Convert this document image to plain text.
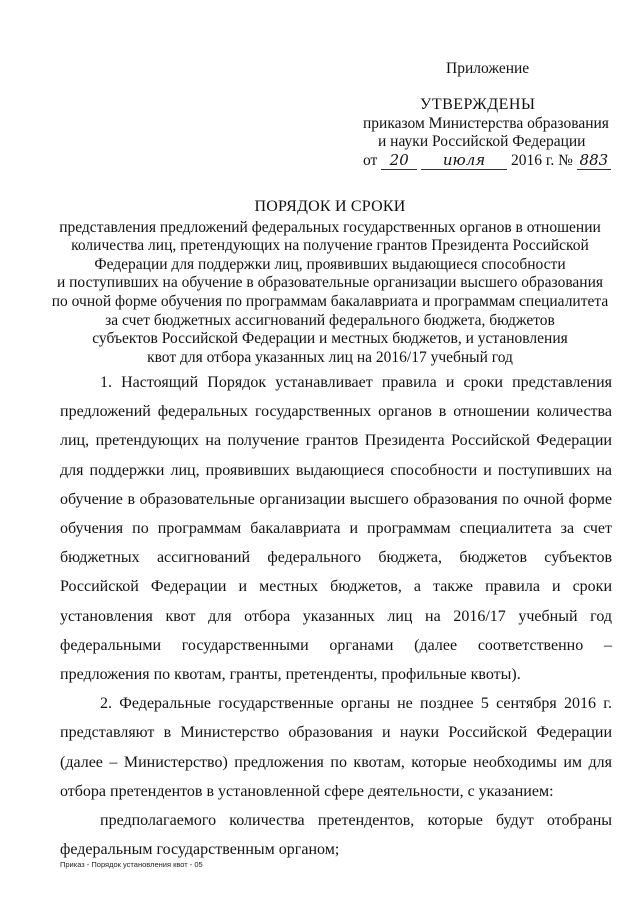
Приложение
УТВЕРЖДЕНЫ
приказом Министерства образования
и науки Российской Федерации
от 20 июля 2016 г. № 883
ПОРЯДОК И СРОКИ
представления предложений федеральных государственных органов в отношении
количества лиц, претендующих на получение грантов Президента Российской
Федерации для поддержки лиц, проявивших выдающиеся способности
и поступивших на обучение в образовательные организации высшего образования
по очной форме обучения по программам бакалавриата и программам специалитета
за счет бюджетных ассигнований федерального бюджета, бюджетов
субъектов Российской Федерации и местных бюджетов, и установления
квот для отбора указанных лиц на 2016/17 учебный год

1. Настоящий Порядок устанавливает правила и сроки представления предложений федеральных государственных органов в отношении количества лиц, претендующих на получение грантов Президента Российской Федерации для поддержки лиц, проявивших выдающиеся способности и поступивших на обучение в образовательные организации высшего образования по очной форме обучения по программам бакалавриата и программам специалитета за счет бюджетных ассигнований федерального бюджета, бюджетов субъектов Российской Федерации и местных бюджетов, а также правила и сроки установления квот для отбора указанных лиц на 2016/17 учебный год федеральными государственными органами (далее соответственно – предложения по квотам, гранты, претенденты, профильные квоты).

2. Федеральные государственные органы не позднее 5 сентября 2016 г. представляют в Министерство образования и науки Российской Федерации (далее – Министерство) предложения по квотам, которые необходимы им для отбора претендентов в установленной сфере деятельности, с указанием:

предполагаемого количества претендентов, которые будут отобраны федеральным государственным органом;

Приказ - Порядок установления квот - 05
